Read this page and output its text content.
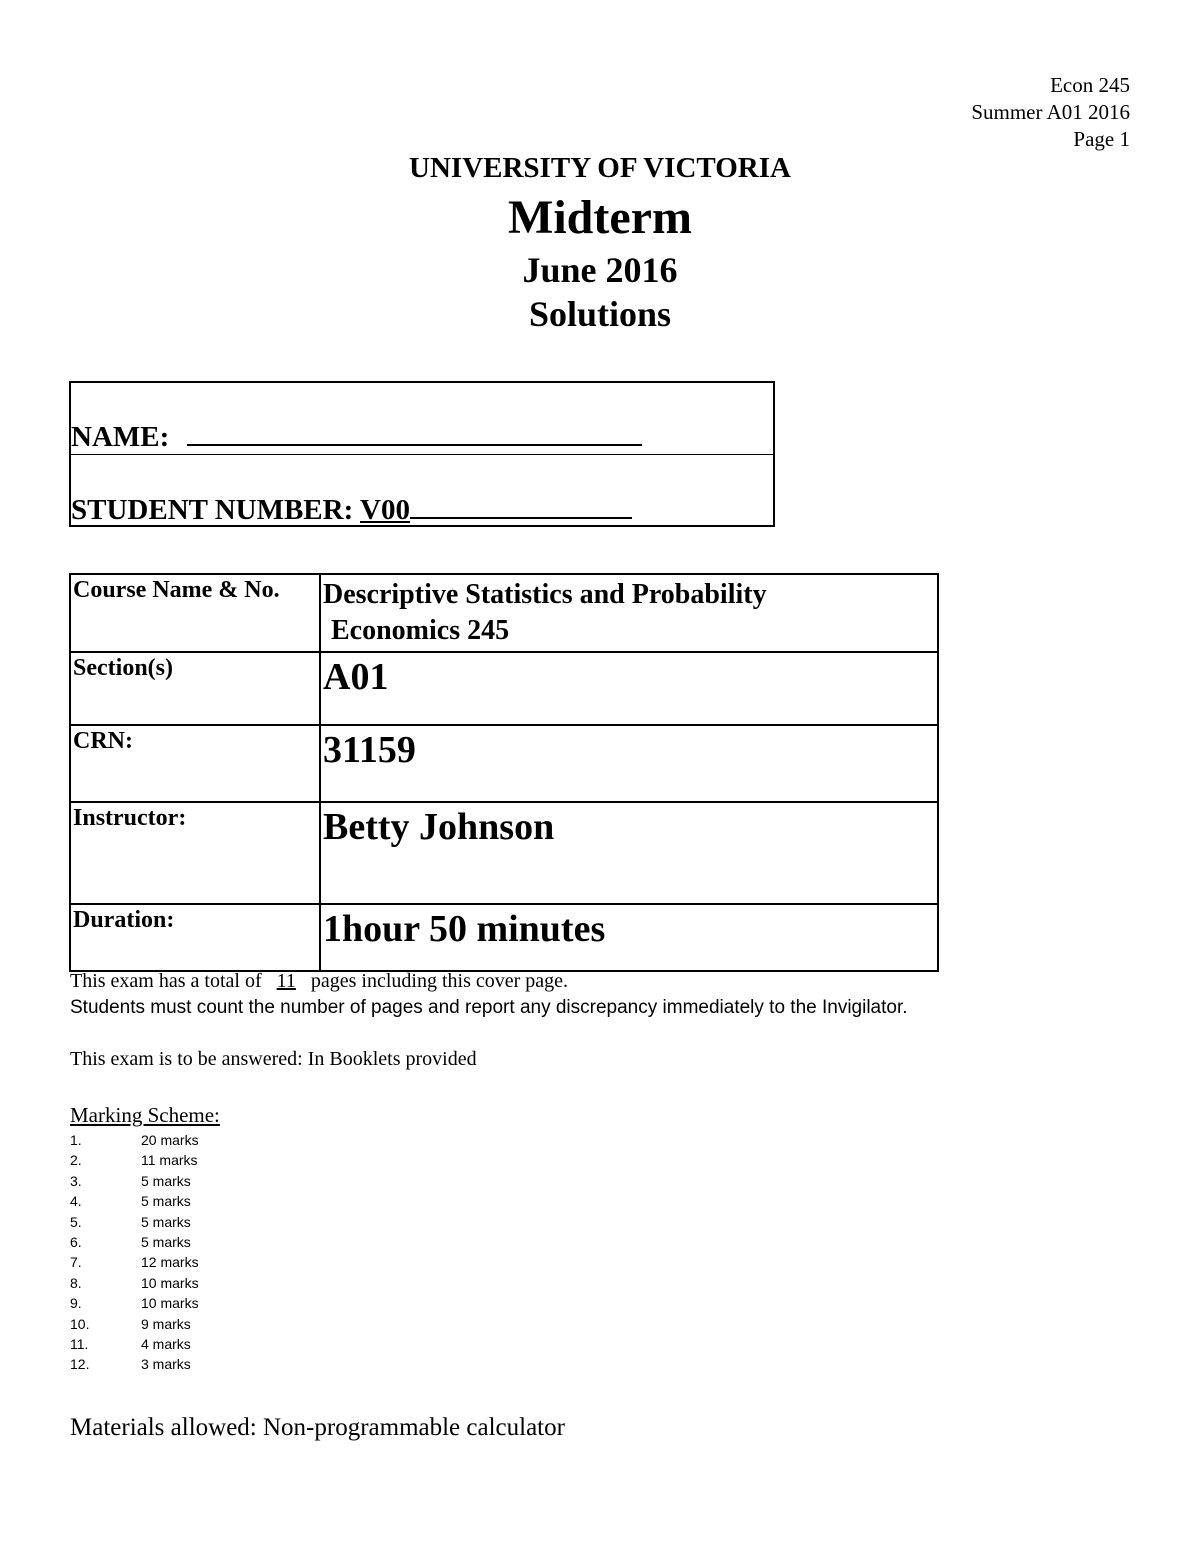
Econ 245
Summer A01 2016
Page 1
UNIVERSITY OF VICTORIA
Midterm
June 2016
Solutions
NAME:
STUDENT NUMBER: V00
Course Name & No.	Descriptive Statistics and Probability
Economics 245

Section(s)	A01
CRN:	31159
Instructor:	Betty Johnson
Duration:	1hour 50 minutes
This exam has a total of 11 pages including this cover page.
Students must count the number of pages and report any discrepancy immediately to the Invigilator.
This exam is to be answered: In Booklets provided
Marking Scheme:
1.	20 marks
2.	11 marks
3.	5 marks
4.	5 marks
5.	5 marks
6.	5 marks
7.	12 marks
8.	10 marks
9.	10 marks
10.	9 marks
11.	4 marks
12.	3 marks
Materials allowed: Non-programmable calculator
